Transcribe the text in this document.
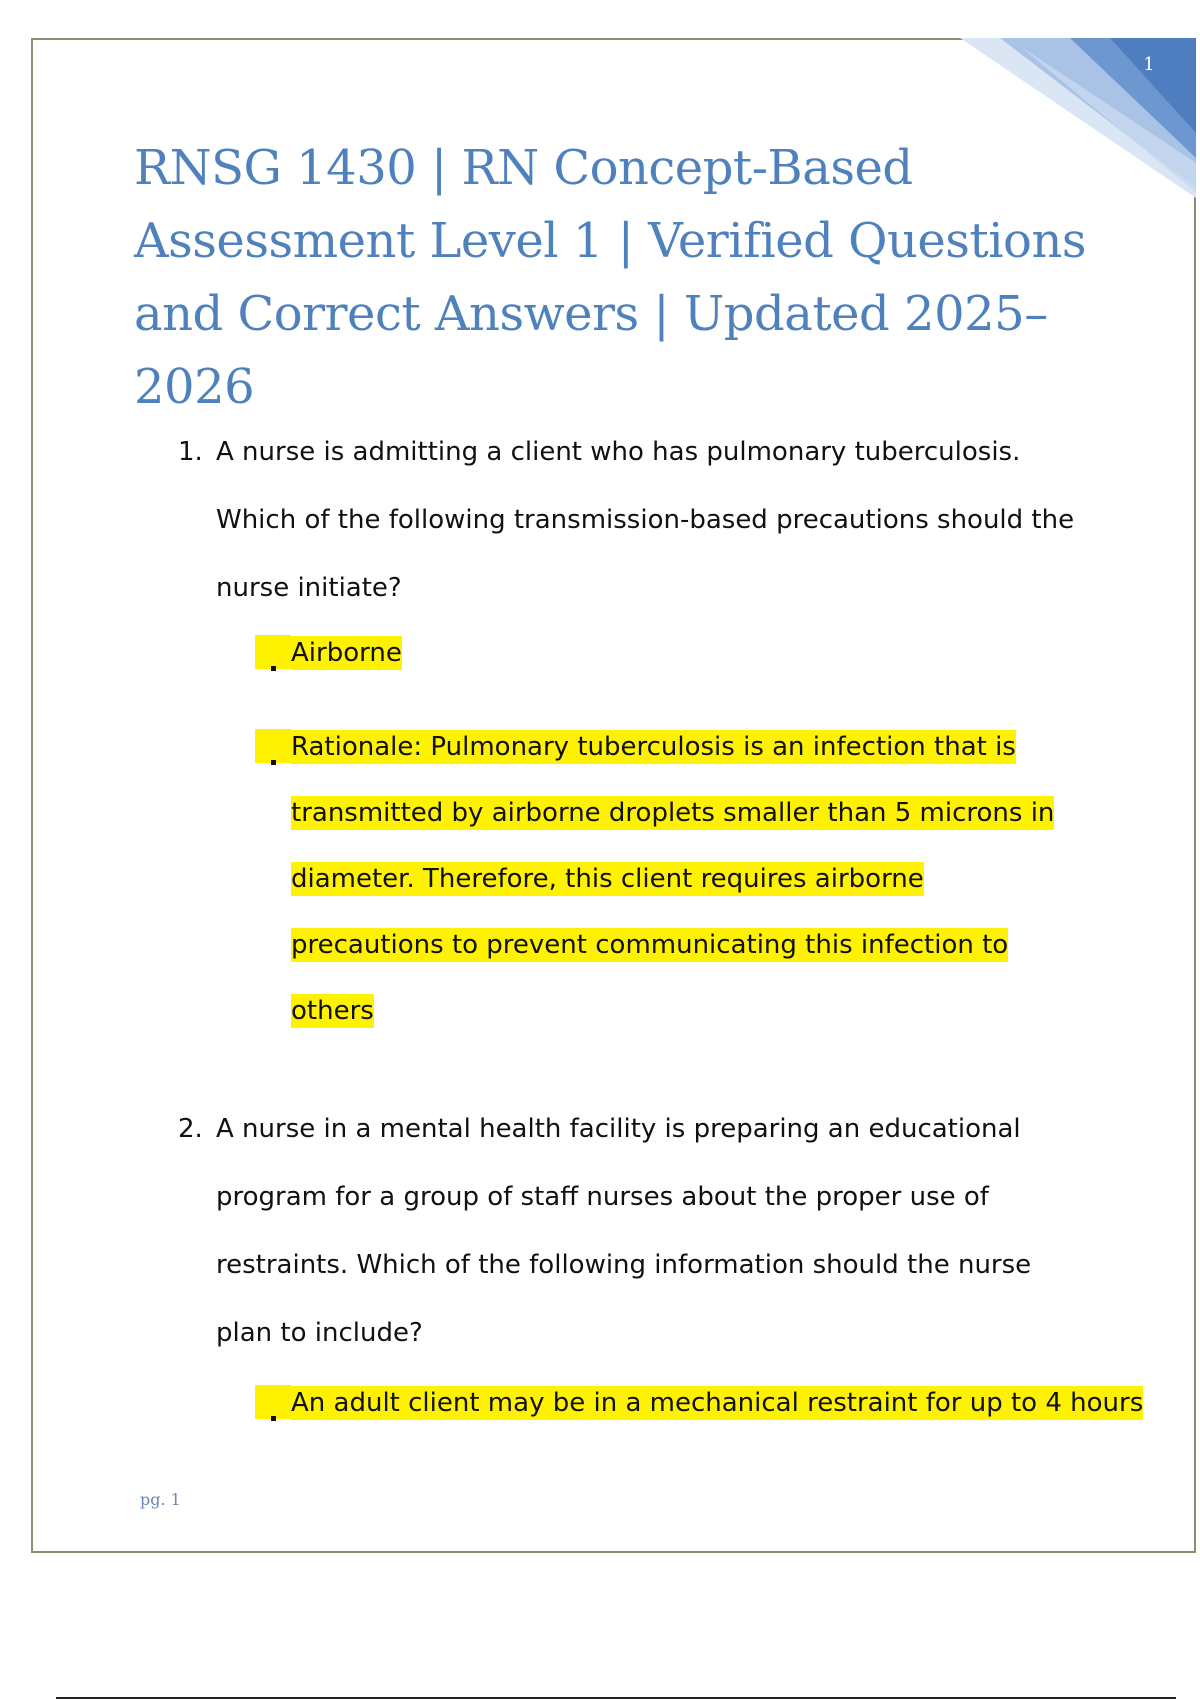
1
RNSG 1430 | RN Concept-Based Assessment Level 1 | Verified Questions and Correct Answers | Updated 2025–2026
1. A nurse is admitting a client who has pulmonary tuberculosis. Which of the following transmission-based precautions should the nurse initiate?
Airborne
Rationale: Pulmonary tuberculosis is an infection that is transmitted by airborne droplets smaller than 5 microns in diameter. Therefore, this client requires airborne precautions to prevent communicating this infection to others
2. A nurse in a mental health facility is preparing an educational program for a group of staff nurses about the proper use of restraints. Which of the following information should the nurse plan to include?
An adult client may be in a mechanical restraint for up to 4 hours
pg. 1
